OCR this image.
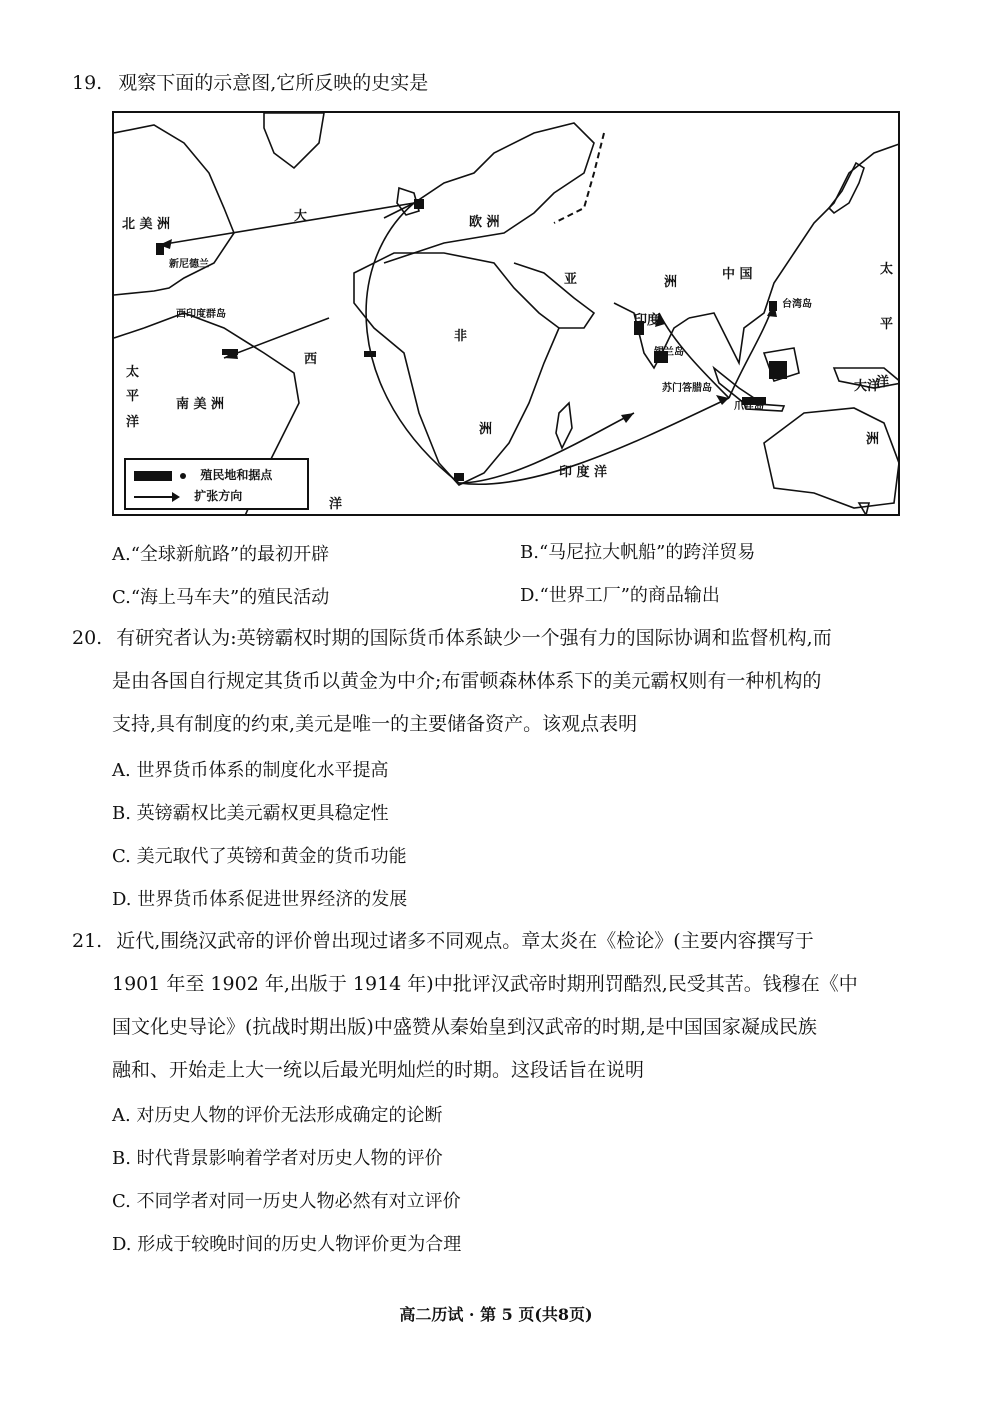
19. 观察下面的示意图,它所反映的史实是
北 美 洲
大
西
欧 洲
亚	洲
中 国	太
平
洋
太
平
洋
新尼德兰
西印度群岛
南 美 洲
非
洲
印度
锡兰岛
台湾岛
苏门答腊岛
爪哇岛
印 度 洋
洋
大洋
洲
殖民地和据点
扩张方向
A.“全球新航路”的最初开辟	B.“马尼拉大帆船”的跨洋贸易
C.“海上马车夫”的殖民活动	D.“世界工厂”的商品输出
20. 有研究者认为:英镑霸权时期的国际货币体系缺少一个强有力的国际协调和监督机构,而
是由各国自行规定其货币以黄金为中介;布雷顿森林体系下的美元霸权则有一种机构的
支持,具有制度的约束,美元是唯一的主要储备资产。该观点表明
A. 世界货币体系的制度化水平提高
B. 英镑霸权比美元霸权更具稳定性
C. 美元取代了英镑和黄金的货币功能
D. 世界货币体系促进世界经济的发展
21. 近代,围绕汉武帝的评价曾出现过诸多不同观点。章太炎在《检论》(主要内容撰写于
1901 年至 1902 年,出版于 1914 年)中批评汉武帝时期刑罚酷烈,民受其苦。钱穆在《中
国文化史导论》(抗战时期出版)中盛赞从秦始皇到汉武帝的时期,是中国国家凝成民族
融和、开始走上大一统以后最光明灿烂的时期。这段话旨在说明
A. 对历史人物的评价无法形成确定的论断
B. 时代背景影响着学者对历史人物的评价
C. 不同学者对同一历史人物必然有对立评价
D. 形成于较晚时间的历史人物评价更为合理
高二历试 · 第 5 页(共8页)
